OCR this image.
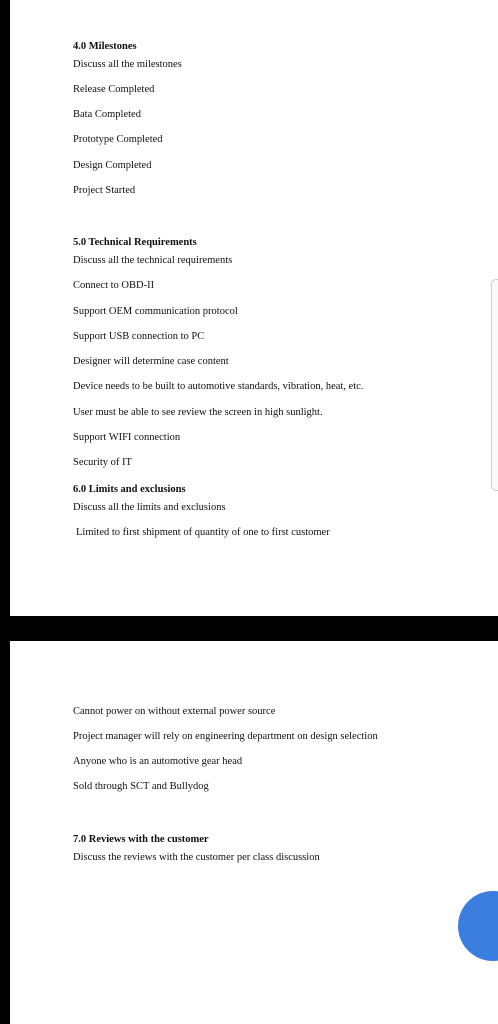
4.0 Milestones
Discuss all the milestones
Release Completed
Bata Completed
Prototype Completed
Design Completed
Project Started
5.0 Technical Requirements
Discuss all the technical requirements
Connect to OBD-II
Support OEM communication protocol
Support USB connection to PC
Designer will determine case content
Device needs to be built to automotive standards, vibration, heat, etc.
User must be able to see review the screen in high sunlight.
Support WIFI connection
Security of IT
6.0 Limits and exclusions
Discuss all the limits and exclusions
Limited to first shipment of quantity of one to first customer
Cannot power on without external power source
Project manager will rely on engineering department on design selection
Anyone who is an automotive gear head
Sold through SCT and Bullydog
7.0 Reviews with the customer
Discuss the reviews with the customer per class discussion
